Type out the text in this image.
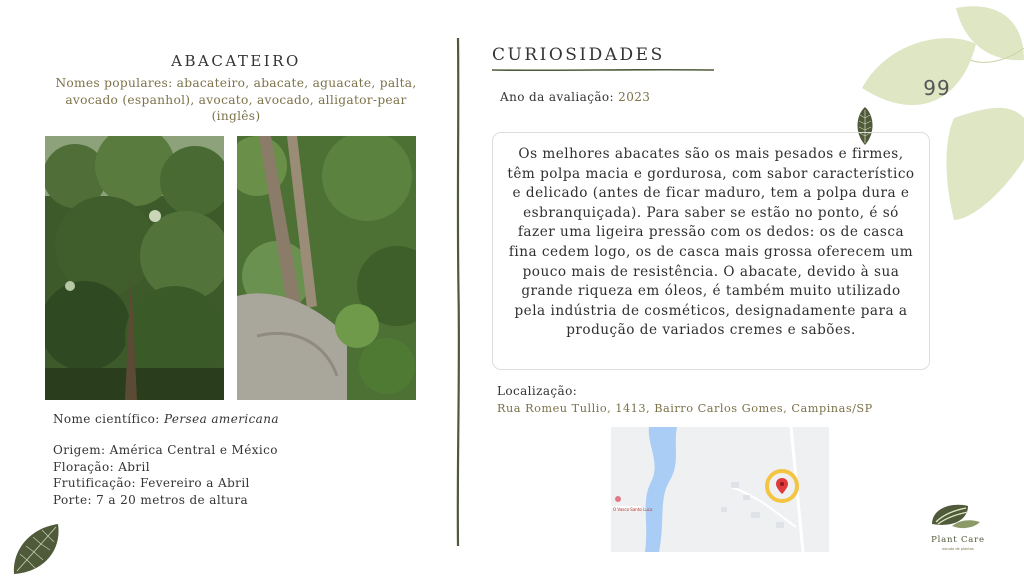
99
ABACATEIRO
Nomes populares: abacateiro, abacate, aguacate, palta, avocado (espanhol), avocato, avocado, alligator-pear (inglês)
Nome científico: Persea americana
Origem: América Central e México
Floração: Abril
Frutificação: Fevereiro a Abril
Porte: 7 a 20 metros de altura
CURIOSIDADES
Ano da avaliação: 2023
Os melhores abacates são os mais pesados e firmes, têm polpa macia e gordurosa, com sabor característico e delicado (antes de ficar maduro, tem a polpa dura e esbranquiçada). Para saber se estão no ponto, é só fazer uma ligeira pressão com os dedos: os de casca fina cedem logo, os de casca mais grossa oferecem um pouco mais de resistência. O abacate, devido à sua grande riqueza em óleos, é também muito utilizado pela indústria de cosméticos, designadamente para a produção de variados cremes e sabões.
Localização:
Rua Romeu Tullio, 1413, Bairro Carlos Gomes, Campinas/SP
O Vasco Santo Luca
Plant Care
estudo de plantas
